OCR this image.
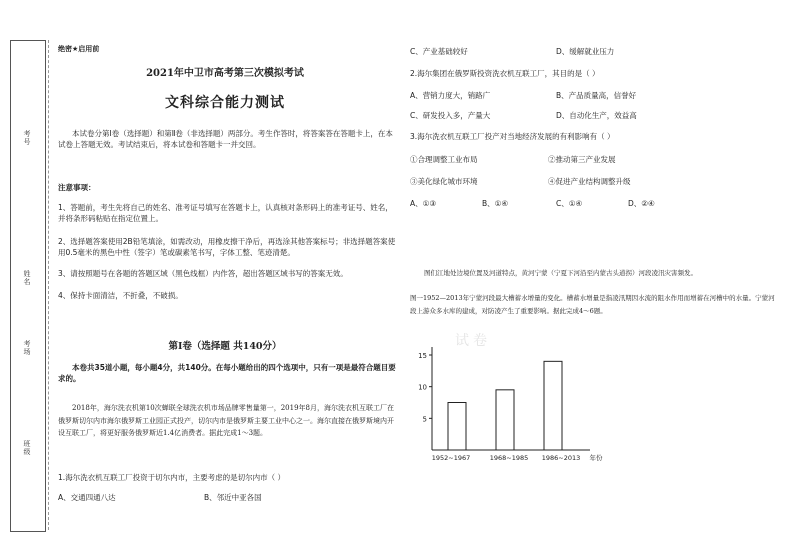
考号
姓名
考场
班级
绝密★启用前
2021年中卫市高考第三次模拟考试
文科综合能力测试
本试卷分第Ⅰ卷（选择题）和第Ⅱ卷（非选择题）两部分。考生作答时，将答案答在答题卡上，在本试卷上答题无效。考试结束后，将本试卷和答题卡一并交回。
注意事项：
1、答题前，考生先将自己的姓名、准考证号填写在答题卡上，认真核对条形码上的准考证号、姓名，并将条形码粘贴在指定位置上。
2、选择题答案使用2B铅笔填涂，如需改动，用橡皮擦干净后，再选涂其他答案标号；非选择题答案使用0.5毫米的黑色中性（签字）笔或碳素笔书写，字体工整、笔迹清楚。
3、请按照题号在各题的答题区域（黑色线框）内作答，超出答题区域书写的答案无效。
4、保持卡面清洁，不折叠，不破损。
第Ⅰ卷（选择题 共140分）
本卷共35道小题，每小题4分，共140分。在每小题给出的四个选项中，只有一项是最符合题目要求的。
2018年，海尔洗衣机第10次蝉联全球洗衣机市场品牌零售量第一，2019年8月，海尔洗衣机互联工厂在俄罗斯切尔内市海尔俄罗斯工业园正式投产，切尔内市是俄罗斯主要工业中心之一。海尔直接在俄罗斯境内开设互联工厂，将更好服务俄罗斯近1.4亿消费者。据此完成1～3题。
1.海尔洗衣机互联工厂投资于切尔内市，主要考虑的是切尔内市（ ）
A、交通四通八达	B、邻近中亚各国
C、产业基础较好	D、缓解就业压力
2.海尔集团在俄罗斯投资洗衣机互联工厂，其目的是（ ）
A、营销力度大，销路广	B、产品质量高，信誉好
C、研发投入多，产量大	D、自动化生产，效益高
3.海尔洗衣机互联工厂投产对当地经济发展的有利影响有（ ）
①合理调整工业布局	②推动第三产业发展
③美化绿化城市环境	④促进产业结构调整升级
A、①③	B、①④	C、①④	D、②④
图们江地处边境位置及河道特点，黄河宁蒙（宁夏下河沿至内蒙古头道拐）河段凌汛灾害频发。
图一1952—2013年宁蒙河段最大槽蓄水增量的变化。槽蓄水增量是指凌汛期因水流的阻水作用而增蓄在河槽中的水量。宁蒙河段上游众多水库的建成，对防凌产生了重要影响。据此完成4～6题。
试卷
5
10
15
1952~1967	1968~1985 1986~2013 年份
